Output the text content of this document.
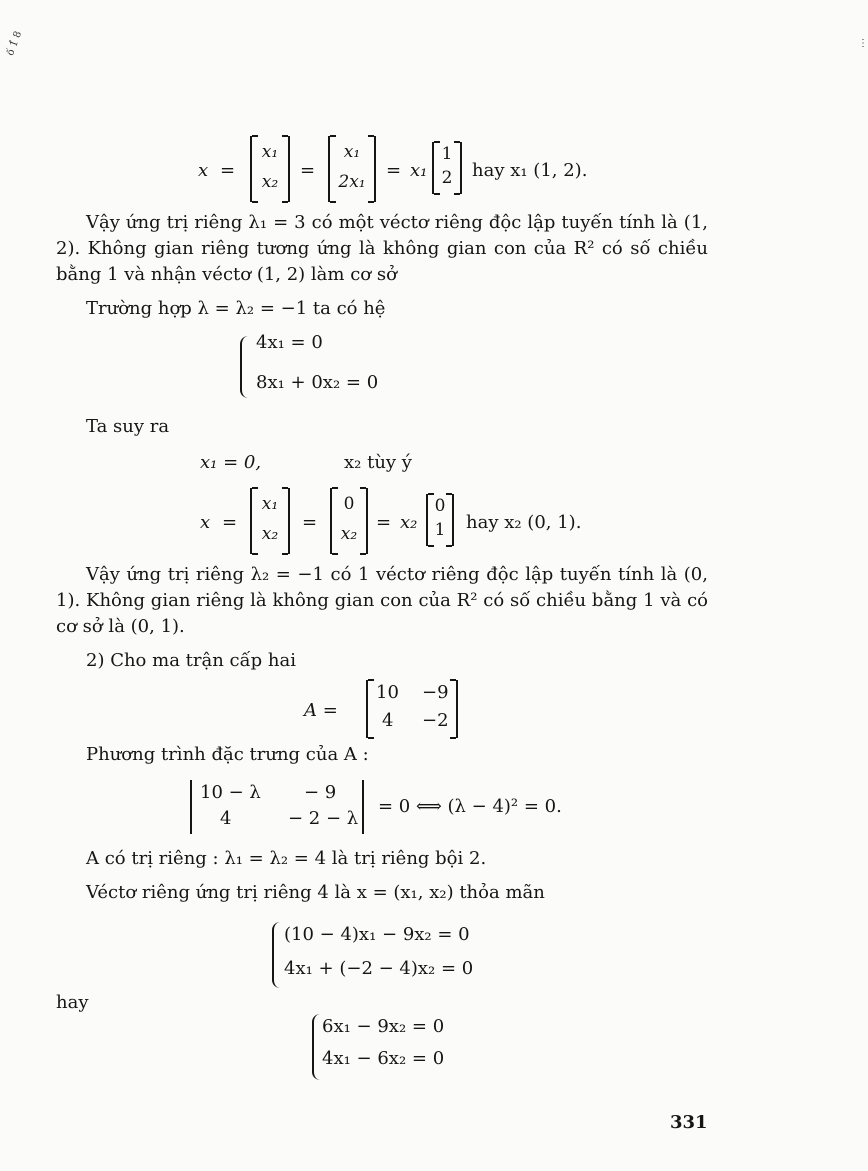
ố 1̉ 8	⋮
x =
x₁
x₂
=
x₁
2x₁
= x₁
1
2	hay x₁ (1, 2).
Vậy ứng trị riêng λ₁ = 3 có một véctơ riêng độc lập tuyến tính là (1, 2). Không gian riêng tương ứng là không gian con của R² có số chiều bằng 1 và nhận véctơ (1, 2) làm cơ sở
Trường hợp λ = λ₂ = −1 ta có hệ
4x₁ = 0
8x₁ + 0x₂ = 0
Ta suy ra
x₁ = 0,	x₂ tùy ý
x =
x₁
x₂
=
0
x₂
= x₂
0
1	hay x₂ (0, 1).
Vậy ứng trị riêng λ₂ = −1 có 1 véctơ riêng độc lập tuyến tính là (0, 1). Không gian riêng là không gian con của R² có số chiều bằng 1 và có cơ sở là (0, 1).
2) Cho ma trận cấp hai
A =
10 −9
4 −2
Phương trình đặc trưng của A :
10 − λ − 9
4	− 2 − λ
= 0 ⟺ (λ − 4)² = 0.
A có trị riêng : λ₁ = λ₂ = 4 là trị riêng bội 2.
Véctơ riêng ứng trị riêng 4 là x = (x₁, x₂) thỏa mãn
(10 − 4)x₁ − 9x₂ = 0
4x₁ + (−2 − 4)x₂ = 0
hay
6x₁ − 9x₂ = 0
4x₁ − 6x₂ = 0
331
